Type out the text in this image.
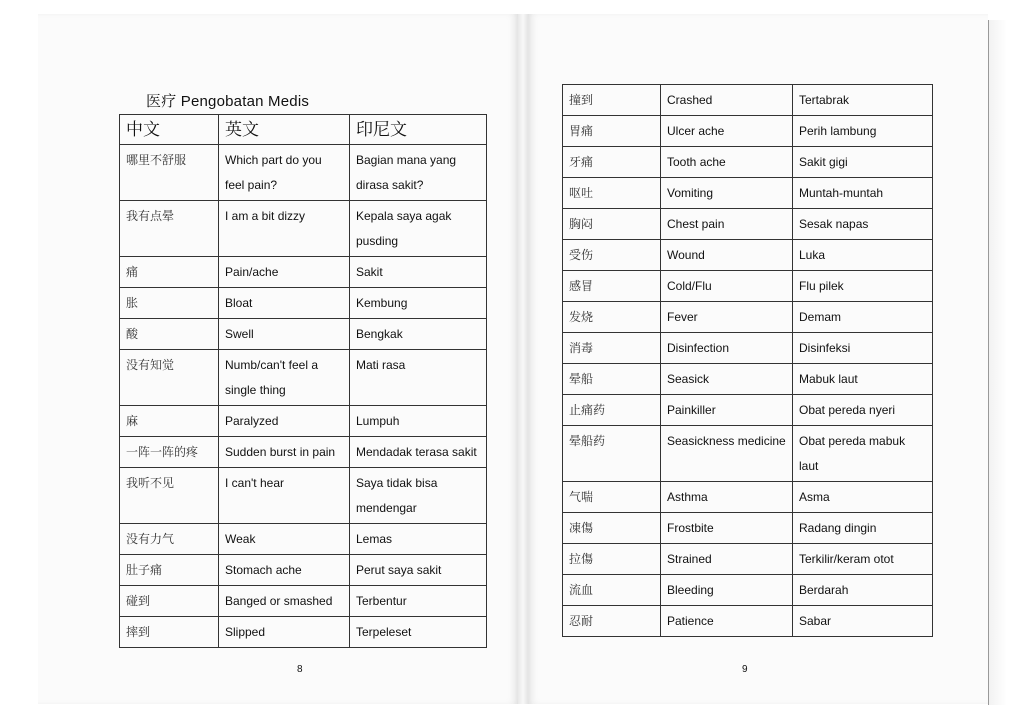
医疗 Pengobatan Medis
中文	英文	印尼文
哪里不舒服	Which part do you feel pain?	Bagian mana yang dirasa sakit?
我有点晕	I am a bit dizzy	Kepala saya agak pusding
痛	Pain/ache	Sakit
胀	Bloat	Kembung
酸	Swell	Bengkak
没有知觉	Numb/can't feel a single thing	Mati rasa
麻	Paralyzed	Lumpuh
一阵一阵的疼	Sudden burst in pain	Mendadak terasa sakit
我听不见	I can't hear	Saya tidak bisa mendengar
没有力气	Weak	Lemas
肚子痛	Stomach ache	Perut saya sakit
碰到	Banged or smashed	Terbentur
摔到	Slipped	Terpeleset
撞到	Crashed	Tertabrak
胃痛	Ulcer ache	Perih lambung
牙痛	Tooth ache	Sakit gigi
呕吐	Vomiting	Muntah-muntah
胸闷	Chest pain	Sesak napas
受伤	Wound	Luka
感冒	Cold/Flu	Flu pilek
发烧	Fever	Demam
消毒	Disinfection	Disinfeksi
晕船	Seasick	Mabuk laut
止痛药	Painkiller	Obat pereda nyeri
晕船药	Seasickness medicine	Obat pereda mabuk laut
气喘	Asthma	Asma
凍傷	Frostbite	Radang dingin
拉傷	Strained	Terkilir/keram otot
流血	Bleeding	Berdarah
忍耐	Patience	Sabar
8	9
